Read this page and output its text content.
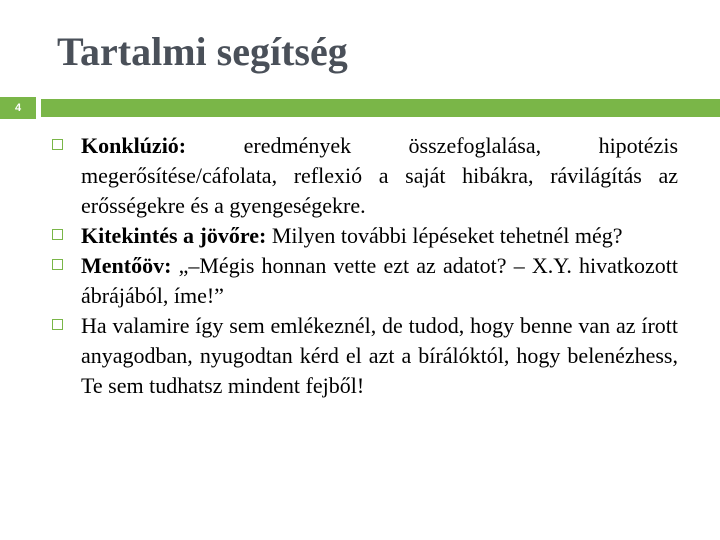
Tartalmi segítség
4
Konklúzió: eredmények összefoglalása, hipotézis megerősítése/cáfolata, reflexió a saját hibákra, rávilágítás az erősségekre és a gyengeségekre.
Kitekintés a jövőre: Milyen további lépéseket tehetnél még?
Mentőöv: „–Mégis honnan vette ezt az adatot? – X.Y. hivatkozott ábrájából, íme!”
Ha valamire így sem emlékeznél, de tudod, hogy benne van az írott anyagodban, nyugodtan kérd el azt a bírálóktól, hogy belenézhess, Te sem tudhatsz mindent fejből!
